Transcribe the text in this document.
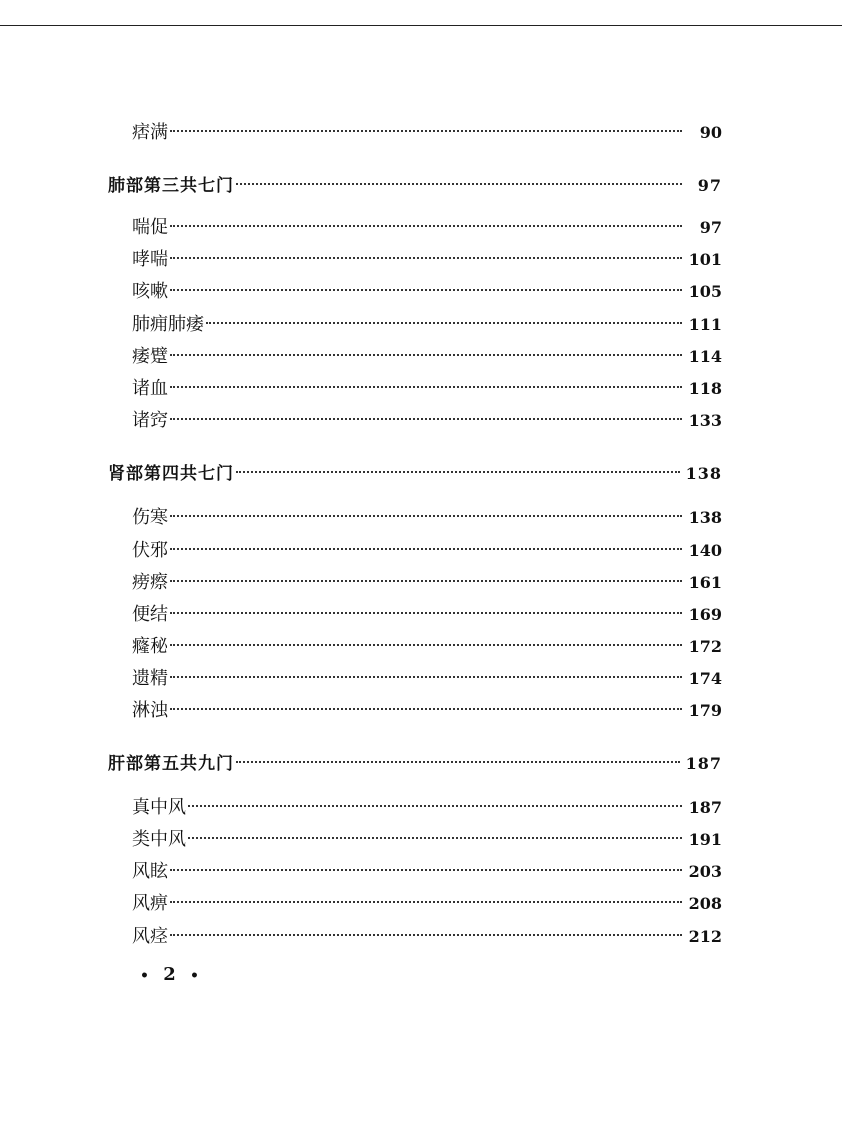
痞满	90
肺部第三共七门	97
喘促	97
哮喘	101
咳嗽	105
肺痈肺痿	111
痿躄	114
诸血	118
诸窍	133
肾部第四共七门	138
伤寒	138
伏邪	140
痨瘵	161
便结	169
癃秘	172
遗精	174
淋浊	179
肝部第五共九门	187
真中风	187
类中风	191
风眩	203
风痹	208
风痉	212
• 2 •
